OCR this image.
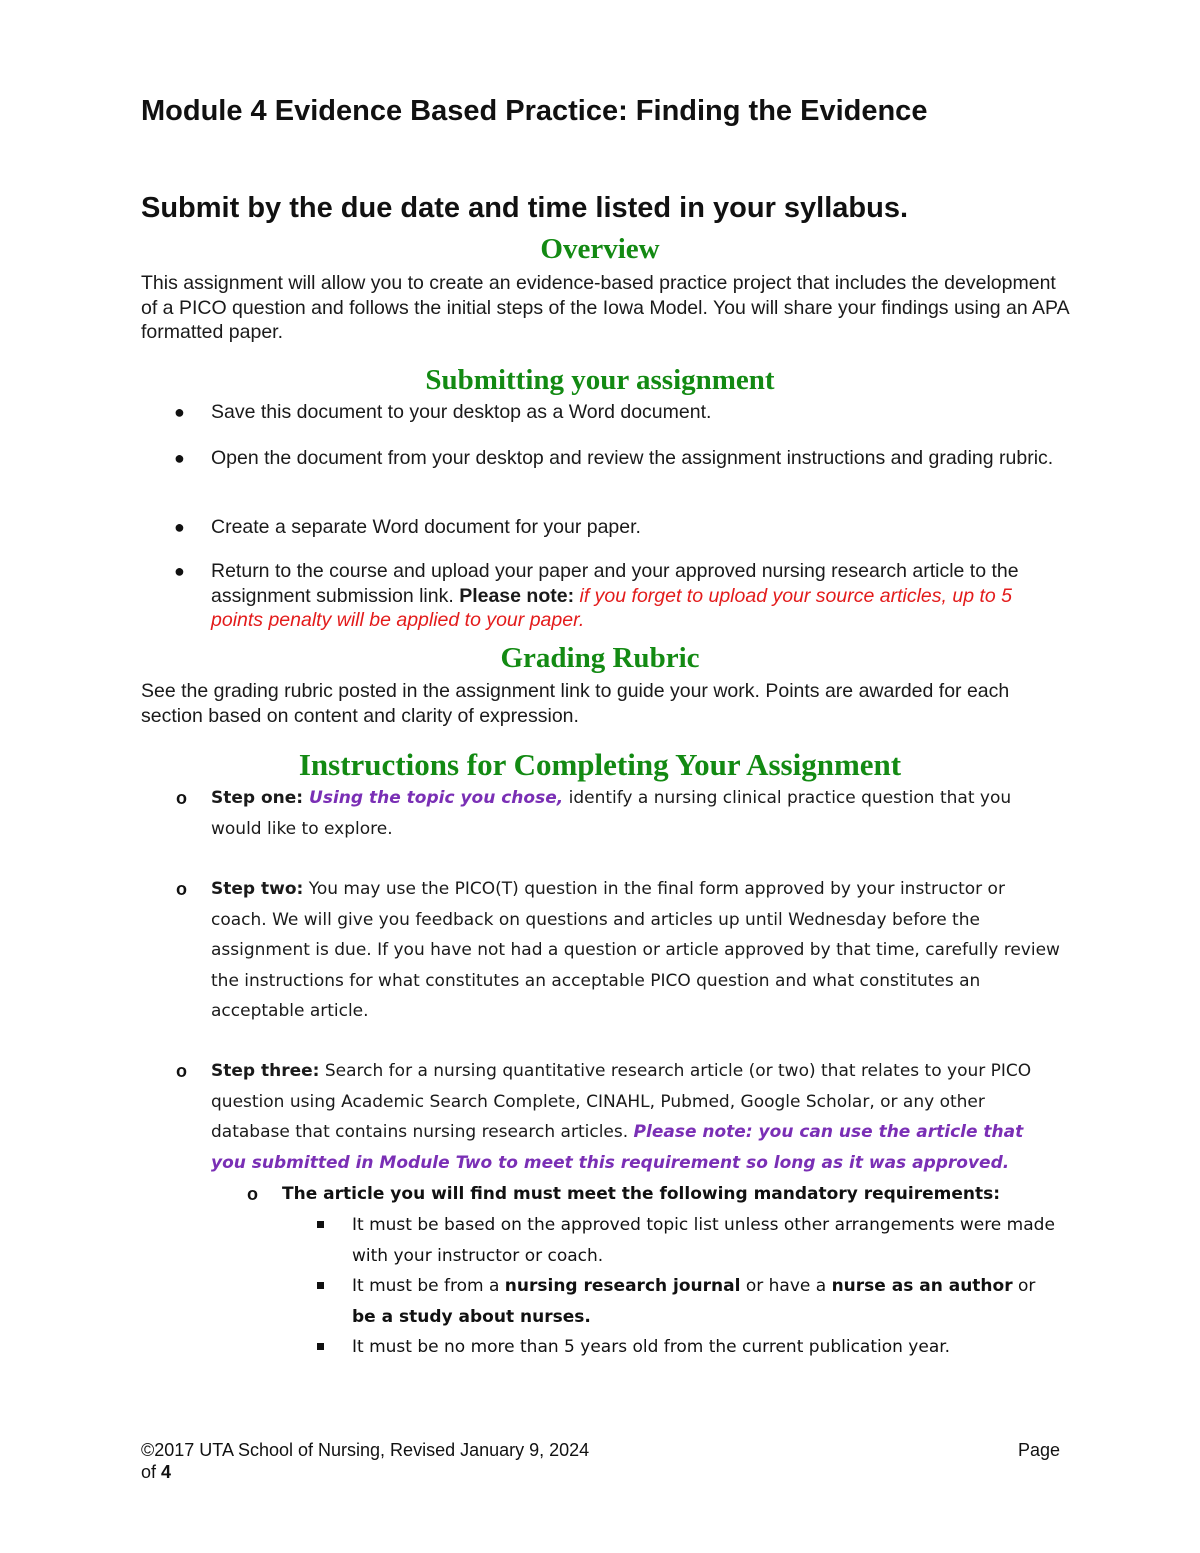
Module 4 Evidence Based Practice: Finding the Evidence
Submit by the due date and time listed in your syllabus.
Overview
This assignment will allow you to create an evidence-based practice project that includes the development of a PICO question and follows the initial steps of the Iowa Model. You will share your findings using an APA formatted paper.
Submitting your assignment
● Save this document to your desktop as a Word document.
● Open the document from your desktop and review the assignment instructions and grading rubric.
● Create a separate Word document for your paper.
● Return to the course and upload your paper and your approved nursing research article to the assignment submission link. Please note: if you forget to upload your source articles, up to 5 points penalty will be applied to your paper.
Grading Rubric
See the grading rubric posted in the assignment link to guide your work. Points are awarded for each section based on content and clarity of expression.
Instructions for Completing Your Assignment
o Step one: Using the topic you chose, identify a nursing clinical practice question that you would like to explore.
o Step two: You may use the PICO(T) question in the final form approved by your instructor or coach. We will give you feedback on questions and articles up until Wednesday before the assignment is due. If you have not had a question or article approved by that time, carefully review the instructions for what constitutes an acceptable PICO question and what constitutes an acceptable article.
o Step three: Search for a nursing quantitative research article (or two) that relates to your PICO question using Academic Search Complete, CINAHL, Pubmed, Google Scholar, or any other database that contains nursing research articles. Please note: you can use the article that you submitted in Module Two to meet this requirement so long as it was approved.
o The article you will find must meet the following mandatory requirements:
It must be based on the approved topic list unless other arrangements were made with your instructor or coach.
It must be from a nursing research journal or have a nurse as an author or be a study about nurses.
It must be no more than 5 years old from the current publication year.
©2017 UTA School of Nursing, Revised January 9, 2024	Page
of 4
